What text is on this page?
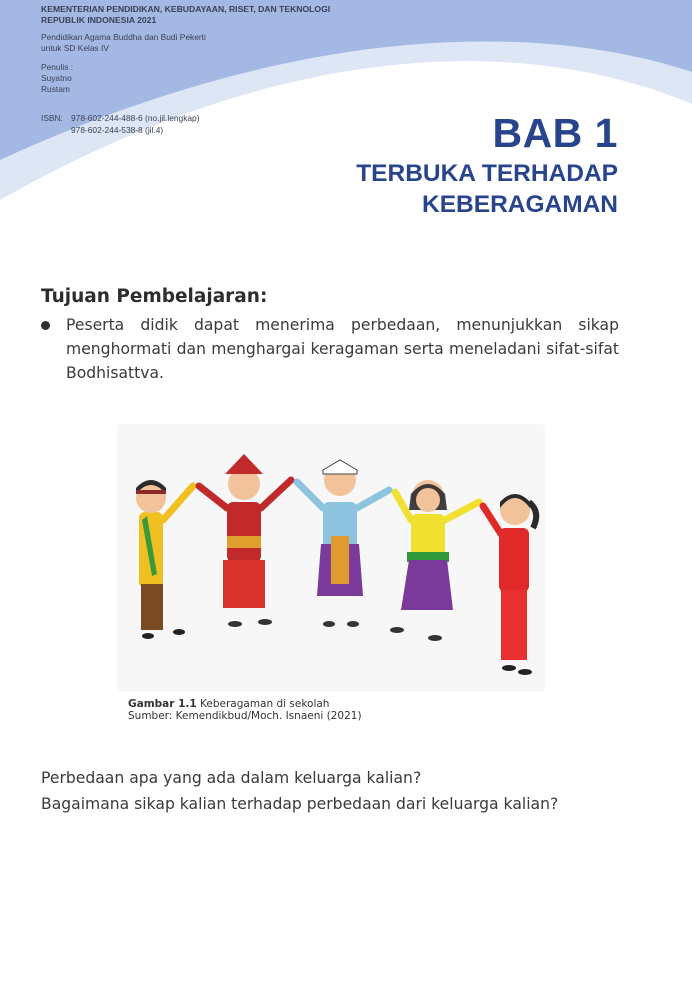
KEMENTERIAN PENDIDIKAN, KEBUDAYAAN, RISET, DAN TEKNOLOGI
REPUBLIK INDONESIA 2021
Pendidikan Agama Buddha dan Budi Pekerti
untuk SD Kelas IV
Penulis :
Suyatno
Rustam
ISBN: 978-602-244-488-6 (no.jil.lengkap)
978-602-244-538-8 (jil.4)	BAB 1
TERBUKA TERHADAP
KEBERAGAMAN
Tujuan Pembelajaran:
Peserta didik dapat menerima perbedaan, menunjukkan sikap menghormati dan menghargai keragaman serta meneladani sifat-sifat Bodhisattva.
Gambar 1.1 Keberagaman di sekolah
Sumber: Kemendikbud/Moch. Isnaeni (2021)
Perbedaan apa yang ada dalam keluarga kalian?
Bagaimana sikap kalian terhadap perbedaan dari keluarga kalian?
